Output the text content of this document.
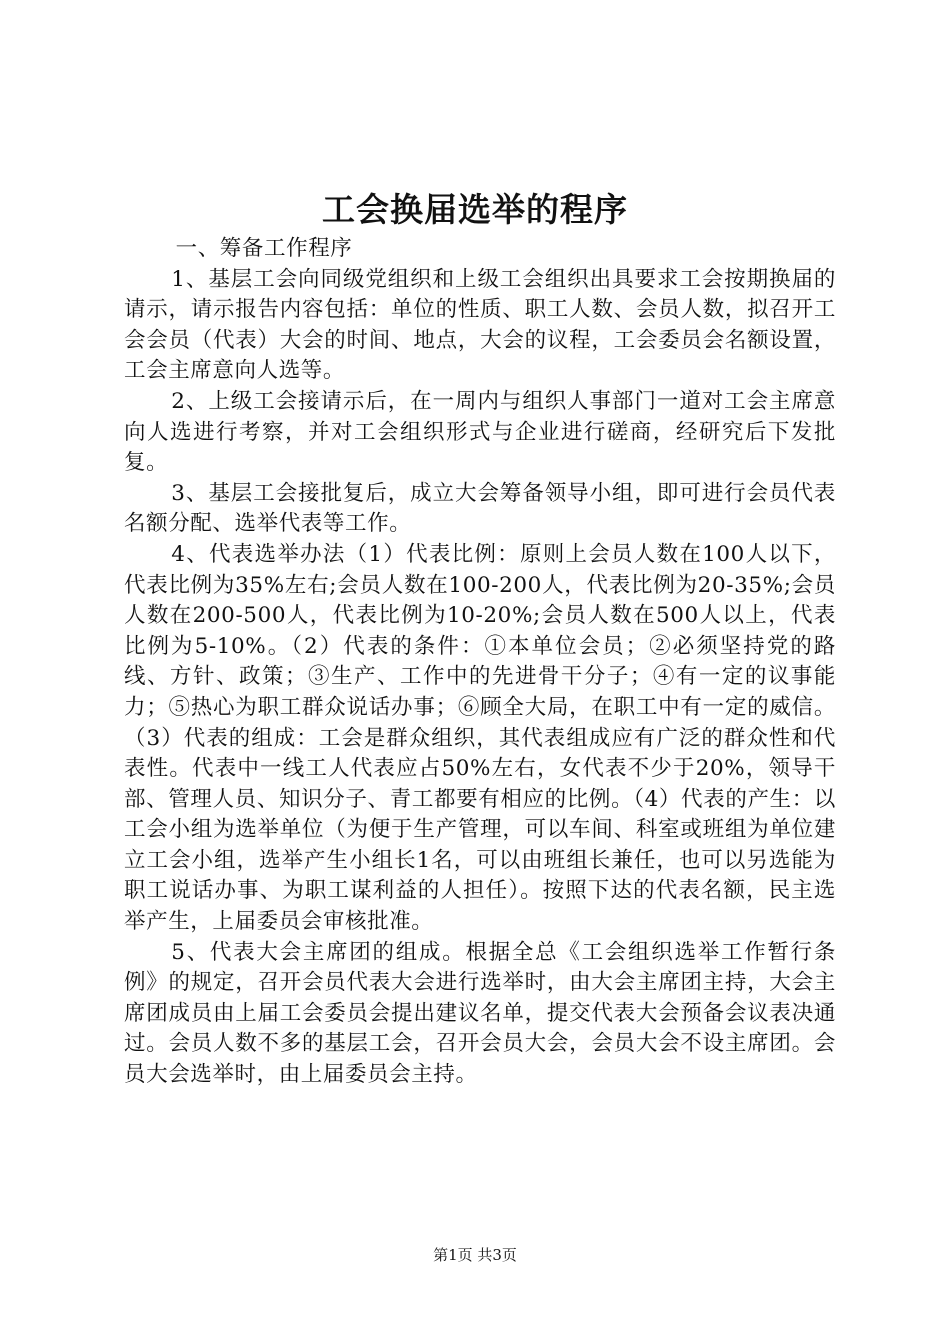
工会换届选举的程序

一、筹备工作程序

1、基层工会向同级党组织和上级工会组织出具要求工会按期换届的请示，请示报告内容包括：单位的性质、职工人数、会员人数，拟召开工会会员（代表）大会的时间、地点，大会的议程，工会委员会名额设置，工会主席意向人选等。

2、上级工会接请示后，在一周内与组织人事部门一道对工会主席意向人选进行考察，并对工会组织形式与企业进行磋商，经研究后下发批复。

3、基层工会接批复后，成立大会筹备领导小组，即可进行会员代表名额分配、选举代表等工作。

4、代表选举办法（1）代表比例：原则上会员人数在100人以下，代表比例为35%左右;会员人数在100-200人，代表比例为20-35%;会员人数在200-500人，代表比例为10-20%;会员人数在500人以上，代表比例为5-10%。（2）代表的条件：①本单位会员；②必须坚持党的路线、方针、政策；③生产、工作中的先进骨干分子；④有一定的议事能力；⑤热心为职工群众说话办事；⑥顾全大局，在职工中有一定的威信。（3）代表的组成：工会是群众组织，其代表组成应有广泛的群众性和代表性。代表中一线工人代表应占50%左右，女代表不少于20%，领导干部、管理人员、知识分子、青工都要有相应的比例。（4）代表的产生：以工会小组为选举单位（为便于生产管理，可以车间、科室或班组为单位建立工会小组，选举产生小组长1名，可以由班组长兼任，也可以另选能为职工说话办事、为职工谋利益的人担任）。按照下达的代表名额，民主选举产生，上届委员会审核批准。

5、代表大会主席团的组成。根据全总《工会组织选举工作暂行条例》的规定，召开会员代表大会进行选举时，由大会主席团主持，大会主席团成员由上届工会委员会提出建议名单，提交代表大会预备会议表决通过。会员人数不多的基层工会，召开会员大会，会员大会不设主席团。会员大会选举时，由上届委员会主持。

第1页 共3页
